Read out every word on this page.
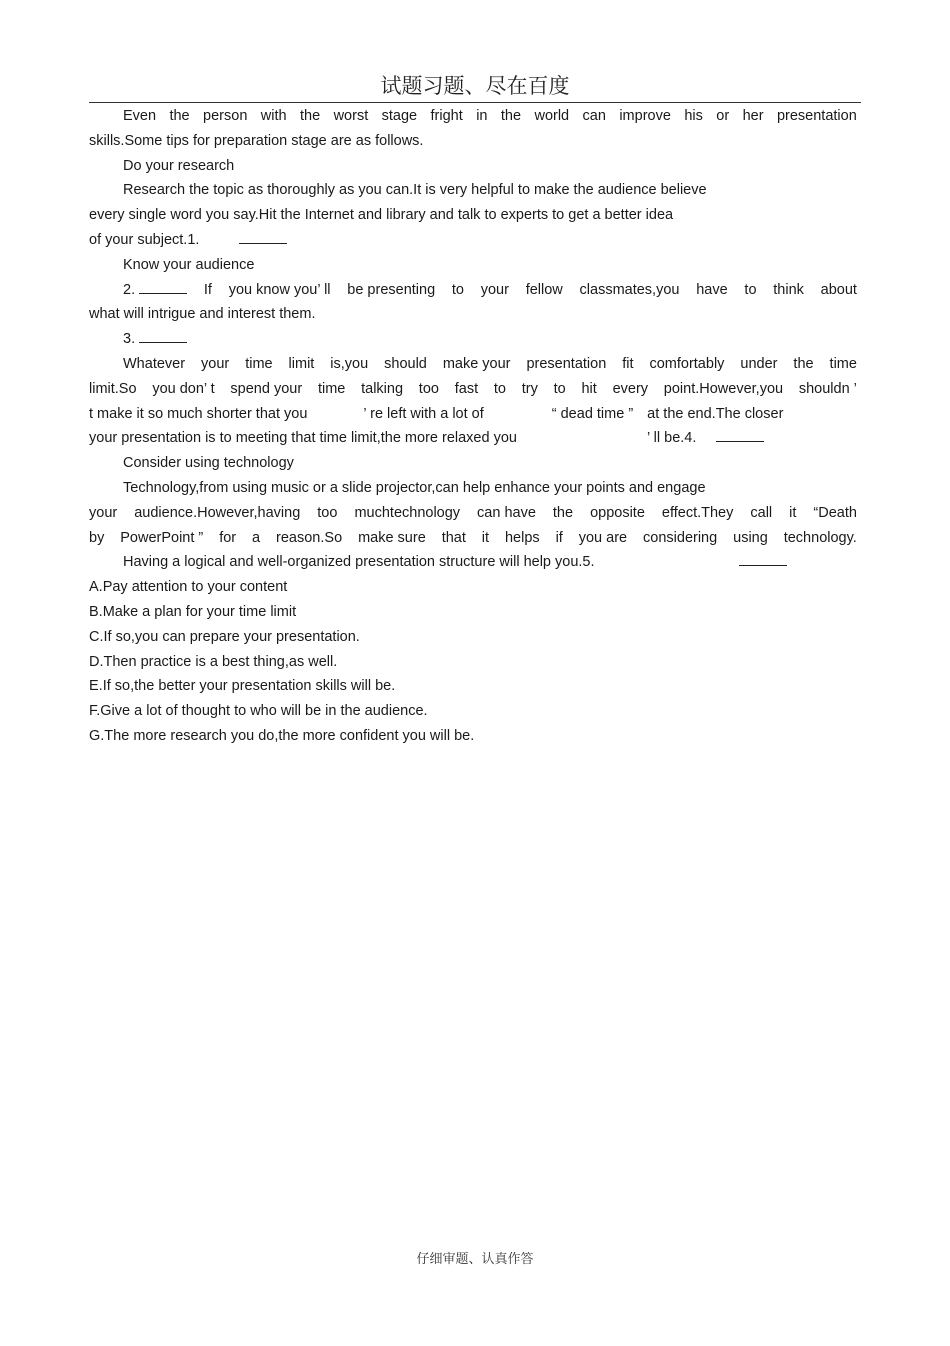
试题习题、尽在百度
Even the person with the worst stage fright in the world can improve his or her presentation
skills.Some tips for preparation stage are as follows.
Do your research
Research the topic as thoroughly as you can.It is very helpful to make the audience believe
every single word you say.Hit the Internet and library and talk to experts to get a better idea
of your subject.1.
Know your audience
2.	If you know you’ ll be presenting to your fellow classmates,you have to think about
what will intrigue and interest them.
3.
Whatever your time limit is,you should make your presentation fit comfortably under the time
limit.So you don’ t spend your time talking too fast to try to hit every point.However,you shouldn ’
t make it so much shorter that you	’ re left with a lot of	“ dead time ” at the end.The closer
your presentation is to meeting that time limit,the more relaxed you	’ ll be.4.
Consider using technology
Technology,from using music or a slide projector,can help enhance your points and engage
your audience.However,having too muchtechnology can have the opposite effect.They call it “Death
by PowerPoint ” for a reason.So make sure that it helps if you are considering using technology.
Having a logical and well-organized presentation structure will help you.5.
A.Pay attention to your content
B.Make a plan for your time limit
C.If so,you can prepare your presentation.
D.Then practice is a best thing,as well.
E.If so,the better your presentation skills will be.
F.Give a lot of thought to who will be in the audience.
G.The more research you do,the more confident you will be.
仔细审题、认真作答
